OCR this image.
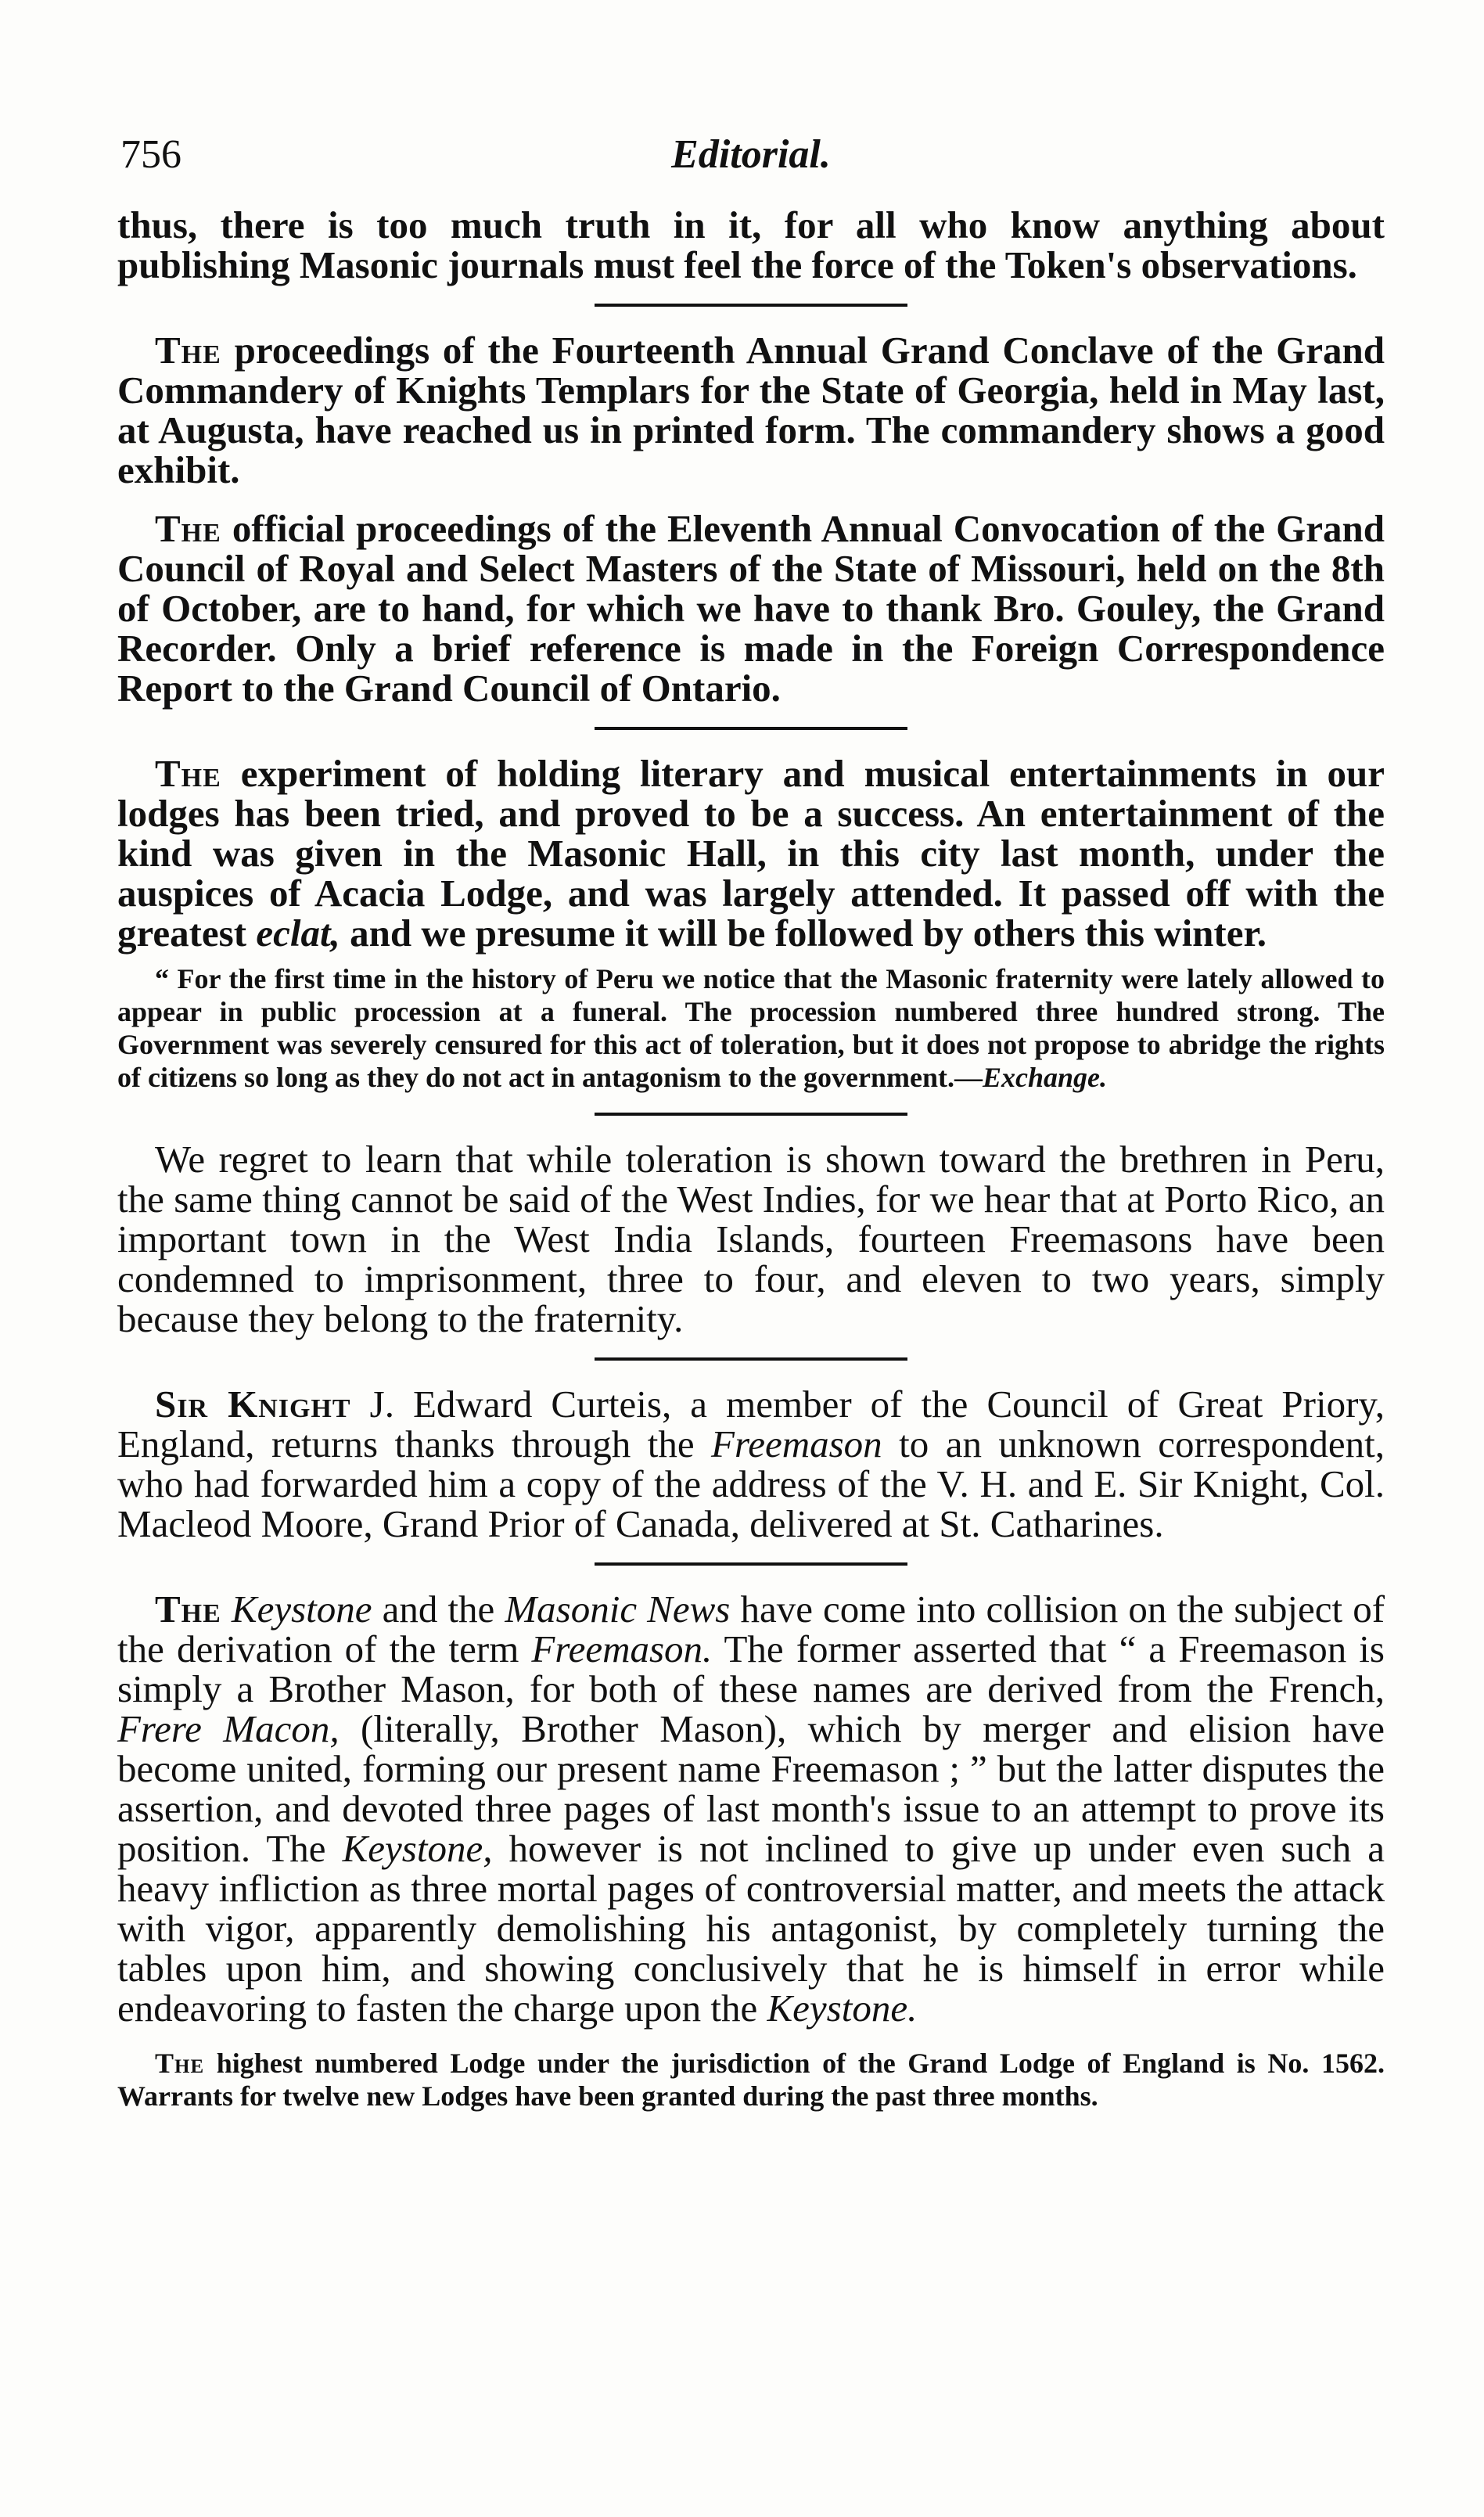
756	Editorial.

thus, there is too much truth in it, for all who know anything about publishing Masonic journals must feel the force of the Token's observations.

The proceedings of the Fourteenth Annual Grand Conclave of the Grand Commandery of Knights Templars for the State of Georgia, held in May last, at Augusta, have reached us in printed form. The commandery shows a good exhibit.

The official proceedings of the Eleventh Annual Convocation of the Grand Council of Royal and Select Masters of the State of Missouri, held on the 8th of October, are to hand, for which we have to thank Bro. Gouley, the Grand Recorder. Only a brief reference is made in the Foreign Correspondence Report to the Grand Council of Ontario.

The experiment of holding literary and musical entertainments in our lodges has been tried, and proved to be a success. An entertainment of the kind was given in the Masonic Hall, in this city last month, under the auspices of Acacia Lodge, and was largely attended. It passed off with the greatest eclat, and we presume it will be followed by others this winter.

“ For the first time in the history of Peru we notice that the Masonic fraternity were lately allowed to appear in public procession at a funeral. The procession numbered three hundred strong. The Government was severely censured for this act of toleration, but it does not propose to abridge the rights of citizens so long as they do not act in antagonism to the government.—Exchange.

We regret to learn that while toleration is shown toward the brethren in Peru, the same thing cannot be said of the West Indies, for we hear that at Porto Rico, an important town in the West India Islands, fourteen Freemasons have been condemned to imprisonment, three to four, and eleven to two years, simply because they belong to the fraternity.

Sir Knight J. Edward Curteis, a member of the Council of Great Priory, England, returns thanks through the Freemason to an unknown correspondent, who had forwarded him a copy of the address of the V. H. and E. Sir Knight, Col. Macleod Moore, Grand Prior of Canada, delivered at St. Catharines.

The Keystone and the Masonic News have come into collision on the subject of the derivation of the term Freemason. The former asserted that “ a Freemason is simply a Brother Mason, for both of these names are derived from the French, Frere Macon, (literally, Brother Mason), which by merger and elision have become united, forming our present name Freemason ; ” but the latter disputes the assertion, and devoted three pages of last month's issue to an attempt to prove its position. The Keystone, however is not inclined to give up under even such a heavy infliction as three mortal pages of controversial matter, and meets the attack with vigor, apparently demolishing his antagonist, by completely turning the tables upon him, and showing conclusively that he is himself in error while endeavoring to fasten the charge upon the Keystone.

The highest numbered Lodge under the jurisdiction of the Grand Lodge of England is No. 1562. Warrants for twelve new Lodges have been granted during the past three months.
